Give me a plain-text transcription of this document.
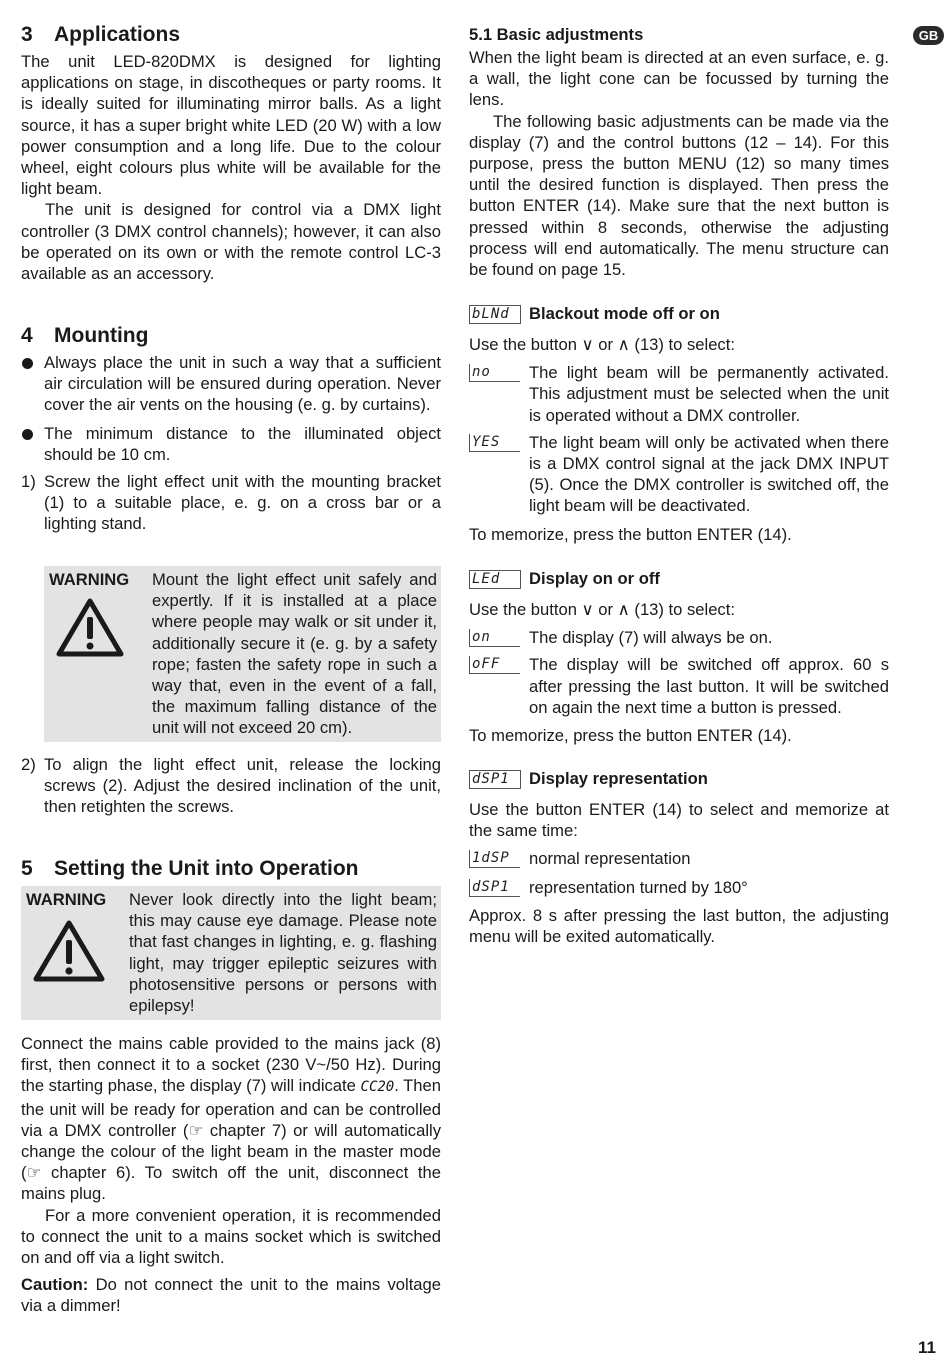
GB
3 Applications

The unit LED-820DMX is designed for lighting applications on stage, in discotheques or party rooms. It is ideally suited for illuminating mirror balls. As a light source, it has a super bright white LED (20 W) with a low power consumption and a long life. Due to the colour wheel, eight colours plus white will be available for the light beam.

The unit is designed for control via a DMX light controller (3 DMX control channels); however, it can also be operated on its own or with the remote control LC-3 available as an accessory.

4 Mounting
Always place the unit in such a way that a sufficient air circulation will be ensured during operation. Never cover the air vents on the housing (e. g. by curtains).
The minimum distance to the illuminated object should be 10 cm.
1) Screw the light effect unit with the mounting bracket (1) to a suitable place, e. g. on a cross bar or a lighting stand.
WARNING Mount the light effect unit safely and expertly. If it is installed at a place where people may walk or sit under it, additionally secure it (e. g. by a safety rope; fasten the safety rope in such a way that, even in the event of a fall, the maximum falling distance of the unit will not exceed 20 cm).
2) To align the light effect unit, release the locking screws (2). Adjust the desired inclination of the unit, then retighten the screws.
5 Setting the Unit into Operation
WARNING Never look directly into the light beam; this may cause eye damage. Please note that fast changes in lighting, e. g. flashing light, may trigger epileptic seizures with photosensitive persons or persons with epilepsy!

Connect the mains cable provided to the mains jack (8) first, then connect it to a socket (230 V~/50 Hz). During the starting phase, the display (7) will indicate CC20. Then the unit will be ready for operation and can be controlled via a DMX controller (☞ chapter 7) or will automatically change the colour of the light beam in the master mode (☞ chapter 6). To switch off the unit, disconnect the mains plug.

For a more convenient operation, it is recommended to connect the unit to a mains socket which is switched on and off via a light switch.

Caution: Do not connect the unit to the mains voltage via a dimmer!

5.1 Basic adjustments

When the light beam is directed at an even surface, e. g. a wall, the light cone can be focussed by turning the lens.

The following basic adjustments can be made via the display (7) and the control buttons (12 – 14). For this purpose, press the button MENU (12) so many times until the desired function is displayed. Then press the button ENTER (14). Make sure that the next button is pressed within 8 seconds, otherwise the adjusting process will end automatically. The menu structure can be found on page 15.

bLNd	Blackout mode off or on

Use the button ∨ or ∧ (13) to select:

no	The light beam will be permanently activated. This adjustment must be selected when the unit is operated without a DMX controller.
YES	The light beam will only be activated when there is a DMX control signal at the jack DMX INPUT (5). Once the DMX controller is switched off, the light beam will be deactivated.

To memorize, press the button ENTER (14).

LEd	Display on or off

Use the button ∨ or ∧ (13) to select:

on	The display (7) will always be on.
oFF	The display will be switched off approx. 60 s after pressing the last button. It will be switched on again the next time a button is pressed.

To memorize, press the button ENTER (14).

dSP1	Display representation

Use the button ENTER (14) to select and memorize at the same time:

1dSP	normal representation
dSP1	representation turned by 180°

Approx. 8 s after pressing the last button, the adjusting menu will be exited automatically.

11
